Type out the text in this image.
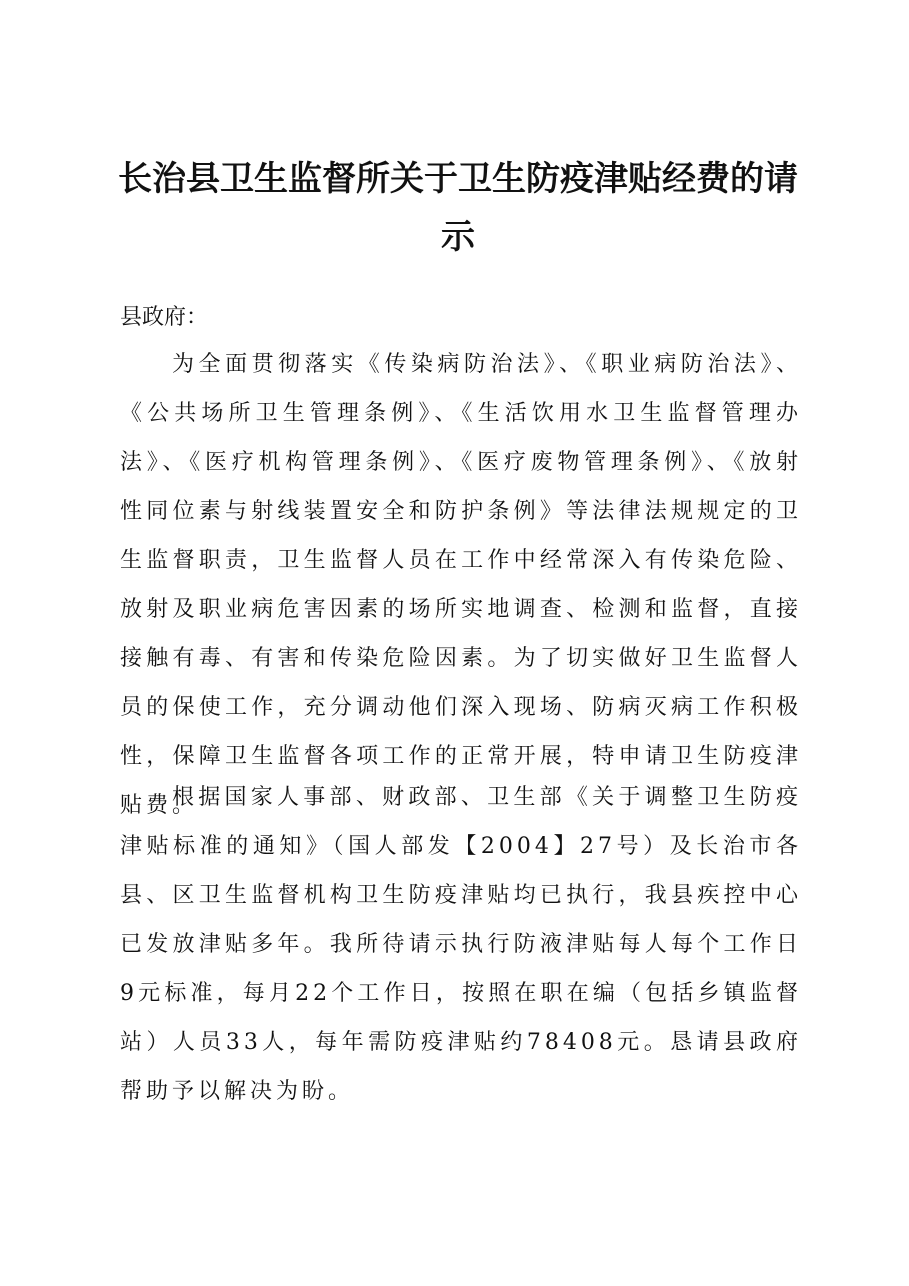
长治县卫生监督所关于卫生防疫津贴经费的请示

县政府：

为全面贯彻落实《传染病防治法》、《职业病防治法》、《公共场所卫生管理条例》、《生活饮用水卫生监督管理办法》、《医疗机构管理条例》、《医疗废物管理条例》、《放射性同位素与射线装置安全和防护条例》等法律法规规定的卫生监督职责，卫生监督人员在工作中经常深入有传染危险、放射及职业病危害因素的场所实地调查、检测和监督，直接接触有毒、有害和传染危险因素。为了切实做好卫生监督人员的保使工作，充分调动他们深入现场、防病灭病工作积极性，保障卫生监督各项工作的正常开展，特申请卫生防疫津贴费。

根据国家人事部、财政部、卫生部《关于调整卫生防疫津贴标准的通知》（国人部发【2004】27号）及长治市各县、区卫生监督机构卫生防疫津贴均已执行，我县疾控中心已发放津贴多年。我所待请示执行防液津贴每人每个工作日9元标准，每月22个工作日，按照在职在编（包括乡镇监督站）人员33人，每年需防疫津贴约78408元。恳请县政府帮助予以解决为盼。
